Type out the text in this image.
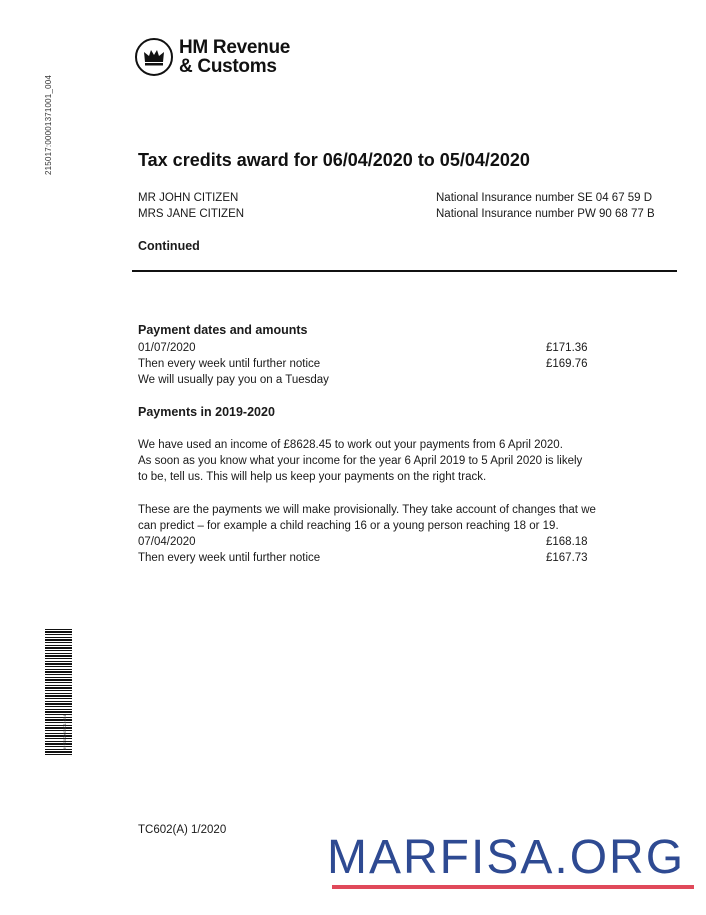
215017:00001371001_004
HM Revenue
& Customs
Tax credits award for 06/04/2020 to 05/04/2020
MR JOHN CITIZEN	National Insurance number SE 04 67 59 D
MRS JANE CITIZEN	National Insurance number PW 90 68 77 B
Continued
Payment dates and amounts
01/07/2020	£171.36
Then every week until further notice	£169.76
We will usually pay you on a Tuesday
Payments in 2019-2020
We have used an income of £8628.45 to work out your payments from 6 April 2020.
As soon as you know what your income for the year 6 April 2019 to 5 April 2020 is likely
to be, tell us. This will help us keep your payments on the right track.
These are the payments we will make provisionally. They take account of changes that we
can predict – for example a child reaching 16 or a young person reaching 18 or 19.
07/04/2020	£168.18
Then every week until further notice	£167.73
3977000000011004
TC602(A) 1/2020
MARFISA.ORG
